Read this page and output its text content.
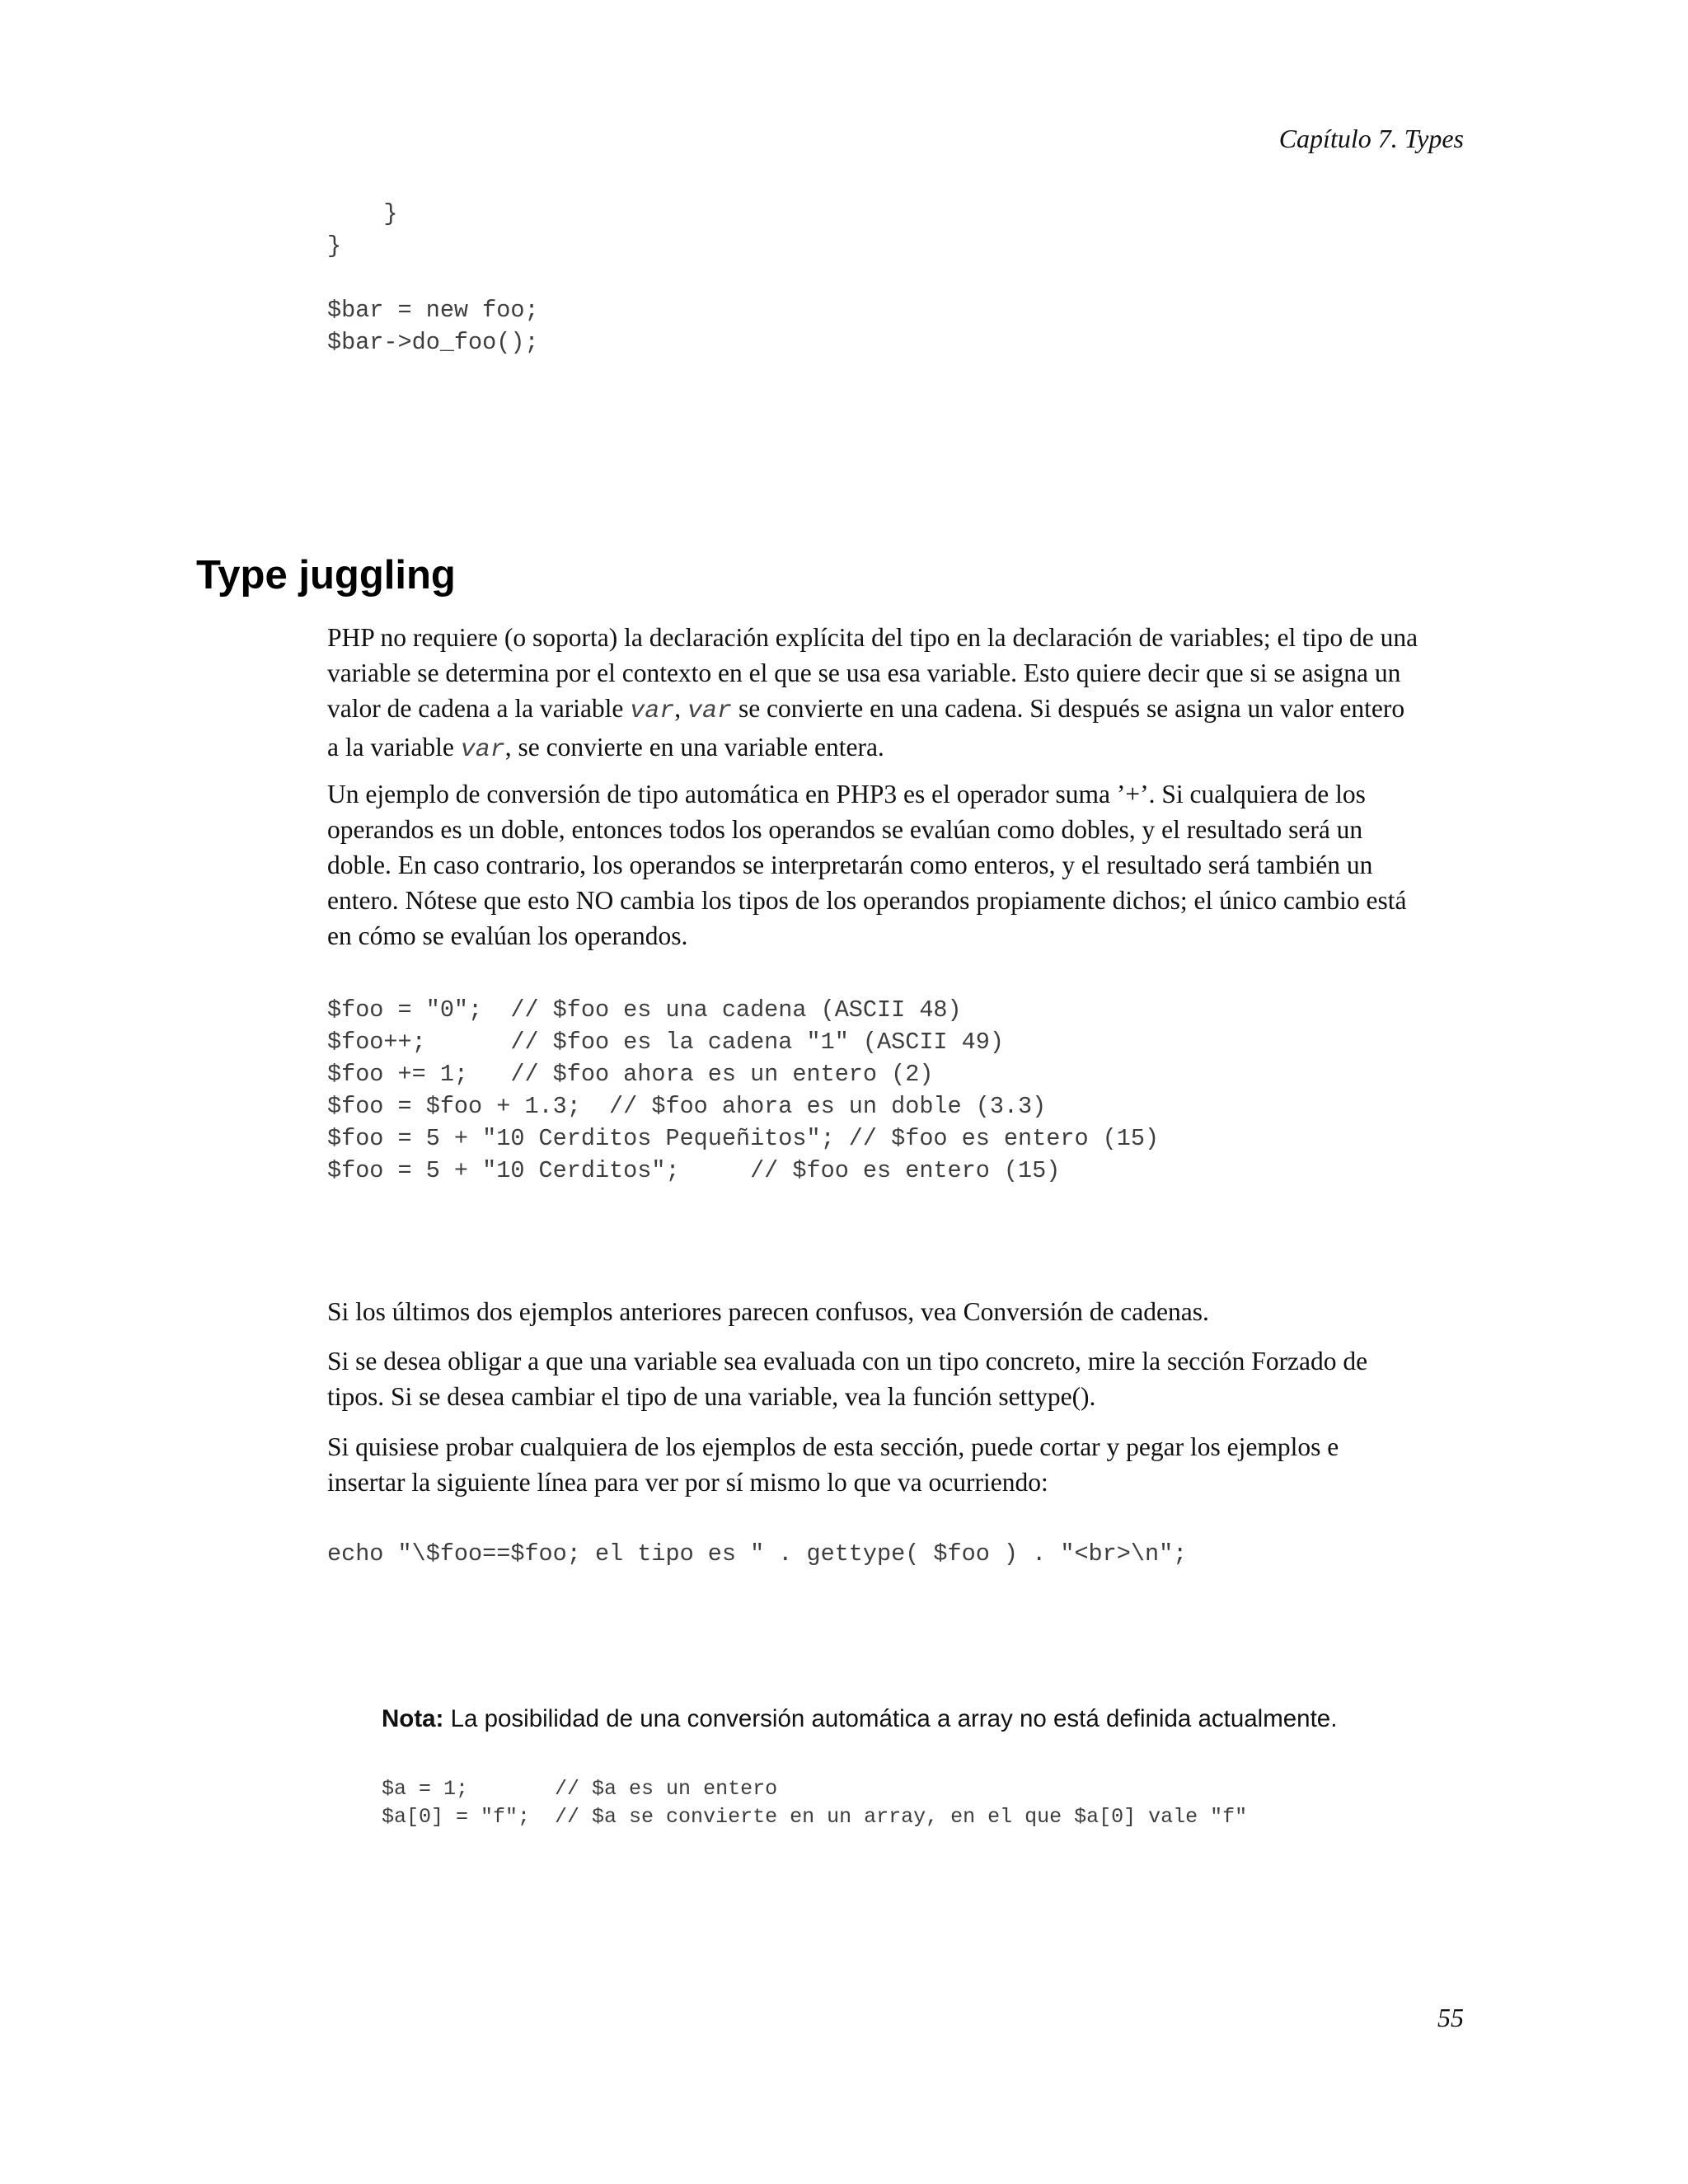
Capítulo 7. Types
}
}

$bar = new foo;
$bar->do_foo();
Type juggling

PHP no requiere (o soporta) la declaración explícita del tipo en la declaración de variables; el tipo de una
variable se determina por el contexto en el que se usa esa variable. Esto quiere decir que si se asigna un
valor de cadena a la variable var, var se convierte en una cadena. Si después se asigna un valor entero
a la variable var, se convierte en una variable entera.

Un ejemplo de conversión de tipo automática en PHP3 es el operador suma ’+’. Si cualquiera de los
operandos es un doble, entonces todos los operandos se evalúan como dobles, y el resultado será un
doble. En caso contrario, los operandos se interpretarán como enteros, y el resultado será también un
entero. Nótese que esto NO cambia los tipos de los operandos propiamente dichos; el único cambio está
en cómo se evalúan los operandos.

$foo = "0";  // $foo es una cadena (ASCII 48)
$foo++;      // $foo es la cadena "1" (ASCII 49)
$foo += 1;   // $foo ahora es un entero (2)
$foo = $foo + 1.3;  // $foo ahora es un doble (3.3)
$foo = 5 + "10 Cerditos Pequeñitos"; // $foo es entero (15)
$foo = 5 + "10 Cerditos";     // $foo es entero (15)

Si los últimos dos ejemplos anteriores parecen confusos, vea Conversión de cadenas.

Si se desea obligar a que una variable sea evaluada con un tipo concreto, mire la sección Forzado de
tipos. Si se desea cambiar el tipo de una variable, vea la función settype().

Si quisiese probar cualquiera de los ejemplos de esta sección, puede cortar y pegar los ejemplos e
insertar la siguiente línea para ver por sí mismo lo que va ocurriendo:

echo "\$foo==$foo; el tipo es " . gettype( $foo ) . "<br>\n";

Nota: La posibilidad de una conversión automática a array no está definida actualmente.

$a = 1;       // $a es un entero
$a[0] = "f";  // $a se convierte en un array, en el que $a[0] vale "f"
55
